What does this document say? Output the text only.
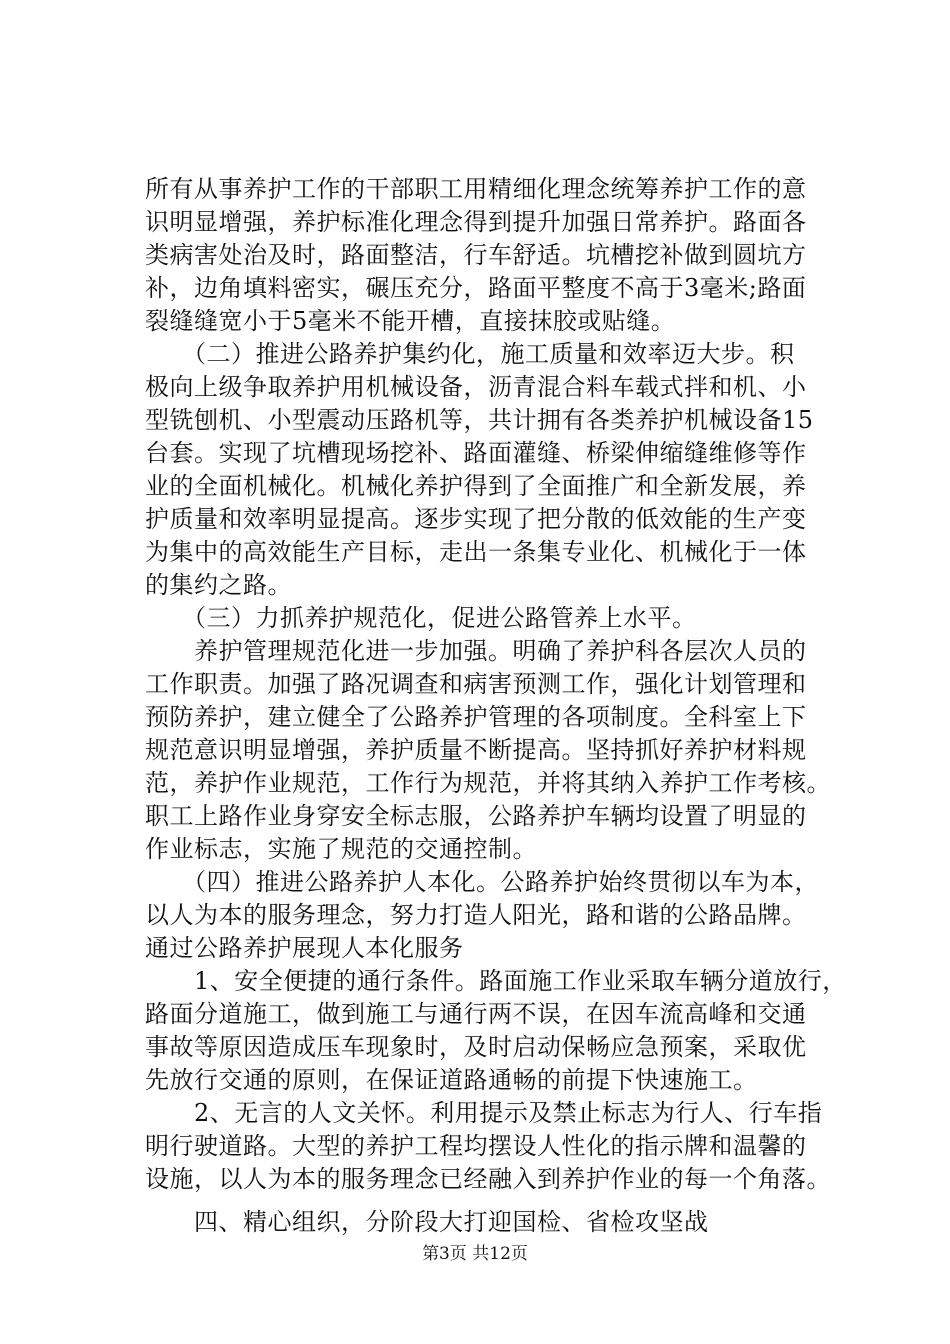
所有从事养护工作的干部职工用精细化理念统筹养护工作的意
识明显增强，养护标准化理念得到提升加强日常养护。路面各
类病害处治及时，路面整洁，行车舒适。坑槽挖补做到圆坑方
补，边角填料密实，碾压充分，路面平整度不高于3毫米;路面
裂缝缝宽小于5毫米不能开槽，直接抹胶或贴缝。
　　（二）推进公路养护集约化，施工质量和效率迈大步。积
极向上级争取养护用机械设备，沥青混合料车载式拌和机、小
型铣刨机、小型震动压路机等，共计拥有各类养护机械设备15
台套。实现了坑槽现场挖补、路面灌缝、桥梁伸缩缝维修等作
业的全面机械化。机械化养护得到了全面推广和全新发展，养
护质量和效率明显提高。逐步实现了把分散的低效能的生产变
为集中的高效能生产目标，走出一条集专业化、机械化于一体
的集约之路。
　　（三）力抓养护规范化，促进公路管养上水平。
　　养护管理规范化进一步加强。明确了养护科各层次人员的
工作职责。加强了路况调查和病害预测工作，强化计划管理和
预防养护，建立健全了公路养护管理的各项制度。全科室上下
规范意识明显增强，养护质量不断提高。坚持抓好养护材料规
范，养护作业规范，工作行为规范，并将其纳入养护工作考核。
职工上路作业身穿安全标志服，公路养护车辆均设置了明显的
作业标志，实施了规范的交通控制。
　　（四）推进公路养护人本化。公路养护始终贯彻以车为本，
以人为本的服务理念，努力打造人阳光，路和谐的公路品牌。
通过公路养护展现人本化服务
　　1、安全便捷的通行条件。路面施工作业采取车辆分道放行，
路面分道施工，做到施工与通行两不误，在因车流高峰和交通
事故等原因造成压车现象时，及时启动保畅应急预案，采取优
先放行交通的原则，在保证道路通畅的前提下快速施工。
　　2、无言的人文关怀。利用提示及禁止标志为行人、行车指
明行驶道路。大型的养护工程均摆设人性化的指示牌和温馨的
设施，以人为本的服务理念已经融入到养护作业的每一个角落。
　　四、精心组织，分阶段大打迎国检、省检攻坚战
第3页 共12页
